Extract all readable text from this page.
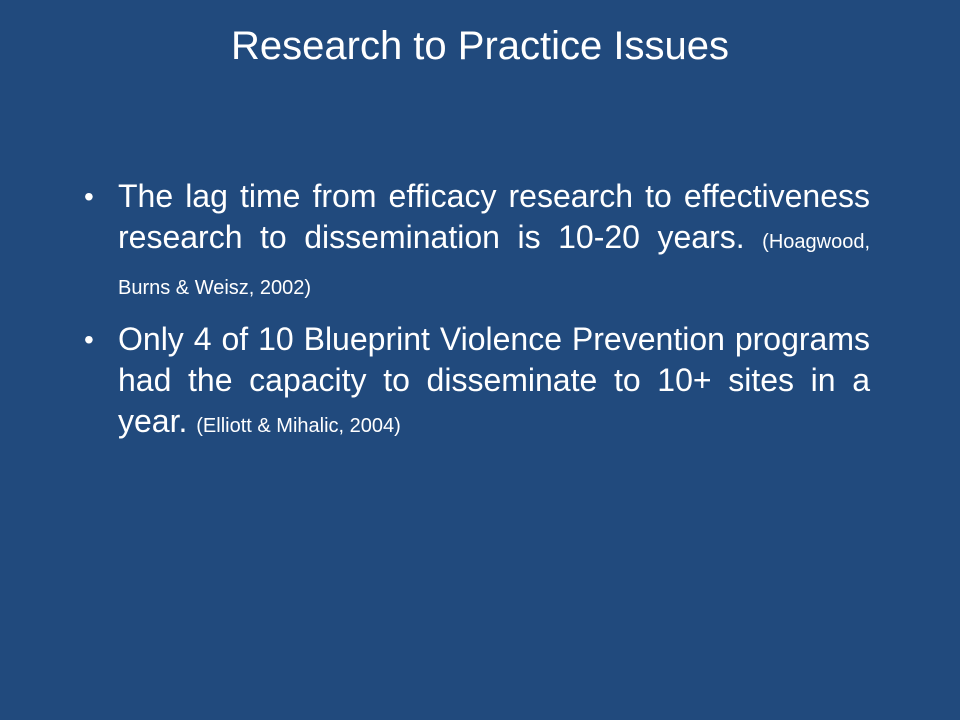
Research to Practice Issues
• The lag time from efficacy research to effectiveness research to dissemination is 10-20 years. (Hoagwood, Burns & Weisz, 2002)
• Only 4 of 10 Blueprint Violence Prevention programs had the capacity to disseminate to 10+ sites in a year. (Elliott & Mihalic, 2004)
